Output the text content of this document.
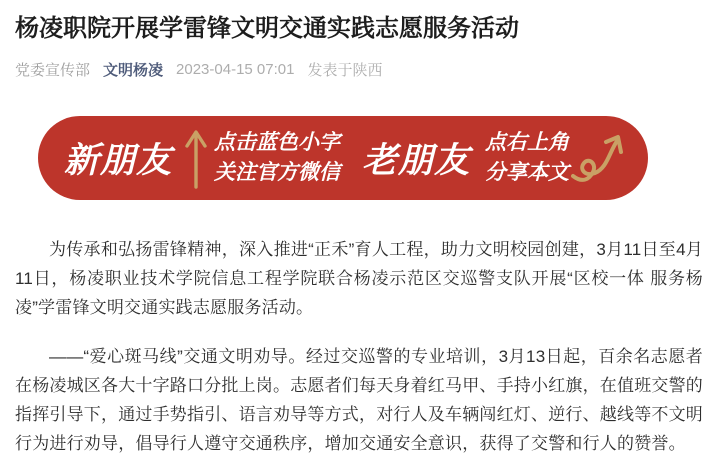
杨凌职院开展学雷锋文明交通实践志愿服务活动
党委宣传部 文明杨凌 2023-04-15 07:01 发表于陕西
新朋友 点击蓝色小字
关注官方微信 老朋友 点右上角
分享本文

为传承和弘扬雷锋精神，深入推进“正禾”育人工程，助力文明校园创建，3月11日至4月11日，杨凌职业技术学院信息工程学院联合杨凌示范区交巡警支队开展“区校一体 服务杨凌”学雷锋文明交通实践志愿服务活动。

——“爱心斑马线”交通文明劝导。经过交巡警的专业培训，3月13日起，百余名志愿者在杨凌城区各大十字路口分批上岗。志愿者们每天身着红马甲、手持小红旗，在值班交警的指挥引导下，通过手势指引、语言劝导等方式，对行人及车辆闯红灯、逆行、越线等不文明行为进行劝导，倡导行人遵守交通秩序，增加交通安全意识，获得了交警和行人的赞誉。
